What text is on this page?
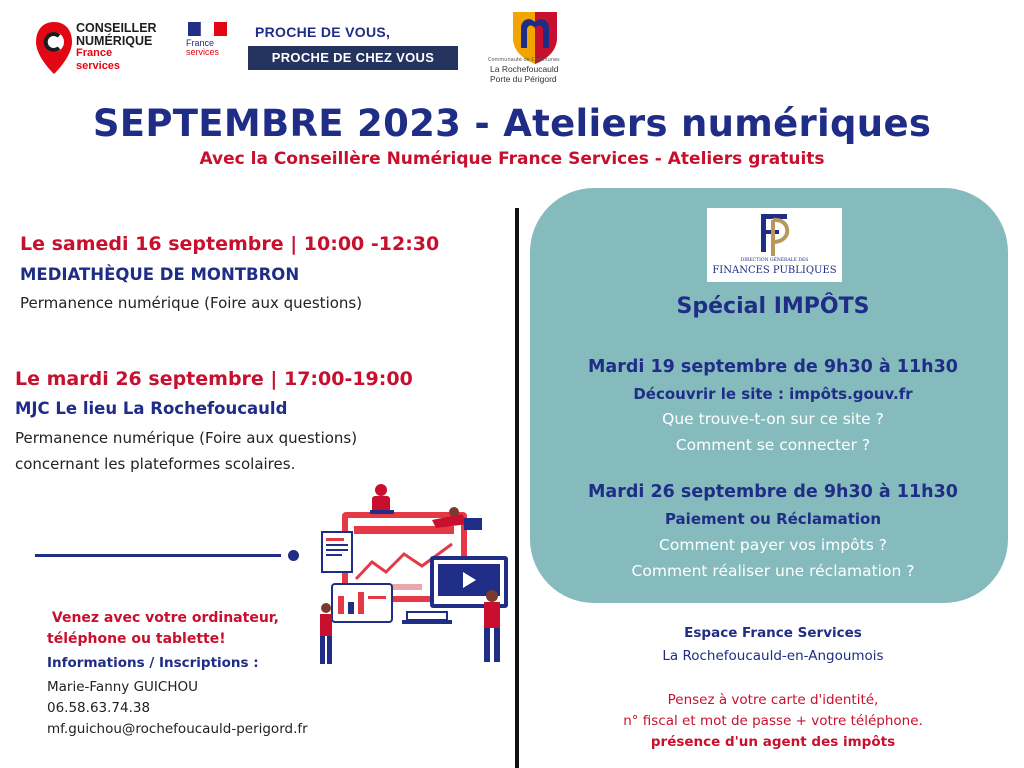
CONSEILLER
NUMÉRIQUE
France
services
France
services
PROCHE DE VOUS,
PROCHE DE CHEZ VOUS	Communauté de Communes
La Rochefoucauld
Porte du Périgord
SEPTEMBRE 2023 - Ateliers numériques
Avec la Conseillère Numérique France Services - Ateliers gratuits
Le samedi 16 septembre | 10:00 -12:30
MEDIATHÈQUE DE MONTBRON
Permanence numérique (Foire aux questions)
Le mardi 26 septembre | 17:00-19:00
MJC Le lieu La Rochefoucauld
Permanence numérique (Foire aux questions)
concernant les plateformes scolaires.
Venez avec votre ordinateur,
téléphone ou tablette!
Informations / Inscriptions :
Marie-Fanny GUICHOU
06.58.63.74.38
mf.guichou@rochefoucauld-perigord.fr
DIRECTION GÉNÉRALE DES
FINANCES PUBLIQUES
Spécial IMPÔTS
Mardi 19 septembre de 9h30 à 11h30
Découvrir le site : impôts.gouv.fr
Que trouve-t-on sur ce site ?
Comment se connecter ?
Mardi 26 septembre de 9h30 à 11h30
Paiement ou Réclamation
Comment payer vos impôts ?
Comment réaliser une réclamation ?
Espace France Services
La Rochefoucauld-en-Angoumois
Pensez à votre carte d'identité,
n° fiscal et mot de passe + votre téléphone.
présence d'un agent des impôts
